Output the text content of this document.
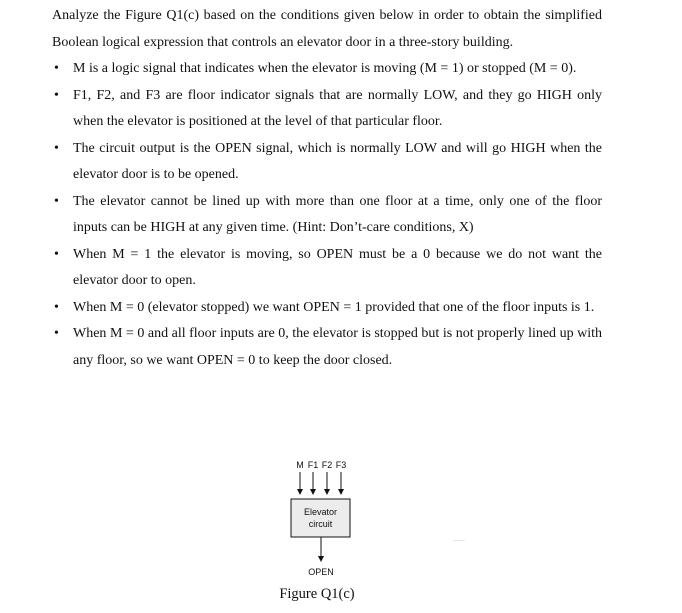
Analyze the Figure Q1(c) based on the conditions given below in order to obtain the simplified Boolean logical expression that controls an elevator door in a three-story building.

• M is a logic signal that indicates when the elevator is moving (M = 1) or stopped (M = 0).
• F1, F2, and F3 are floor indicator signals that are normally LOW, and they go HIGH only when the elevator is positioned at the level of that particular floor.
• The circuit output is the OPEN signal, which is normally LOW and will go HIGH when the elevator door is to be opened.
• The elevator cannot be lined up with more than one floor at a time, only one of the floor inputs can be HIGH at any given time. (Hint: Don’t-care conditions, X)
• When M = 1 the elevator is moving, so OPEN must be a 0 because we do not want the elevator door to open.
• When M = 0 (elevator stopped) we want OPEN = 1 provided that one of the floor inputs is 1.
• When M = 0 and all floor inputs are 0, the elevator is stopped but is not properly lined up with any floor, so we want OPEN = 0 to keep the door closed.
M F1 F2 F3
Elevator
circuit
OPEN
Figure Q1(c)
